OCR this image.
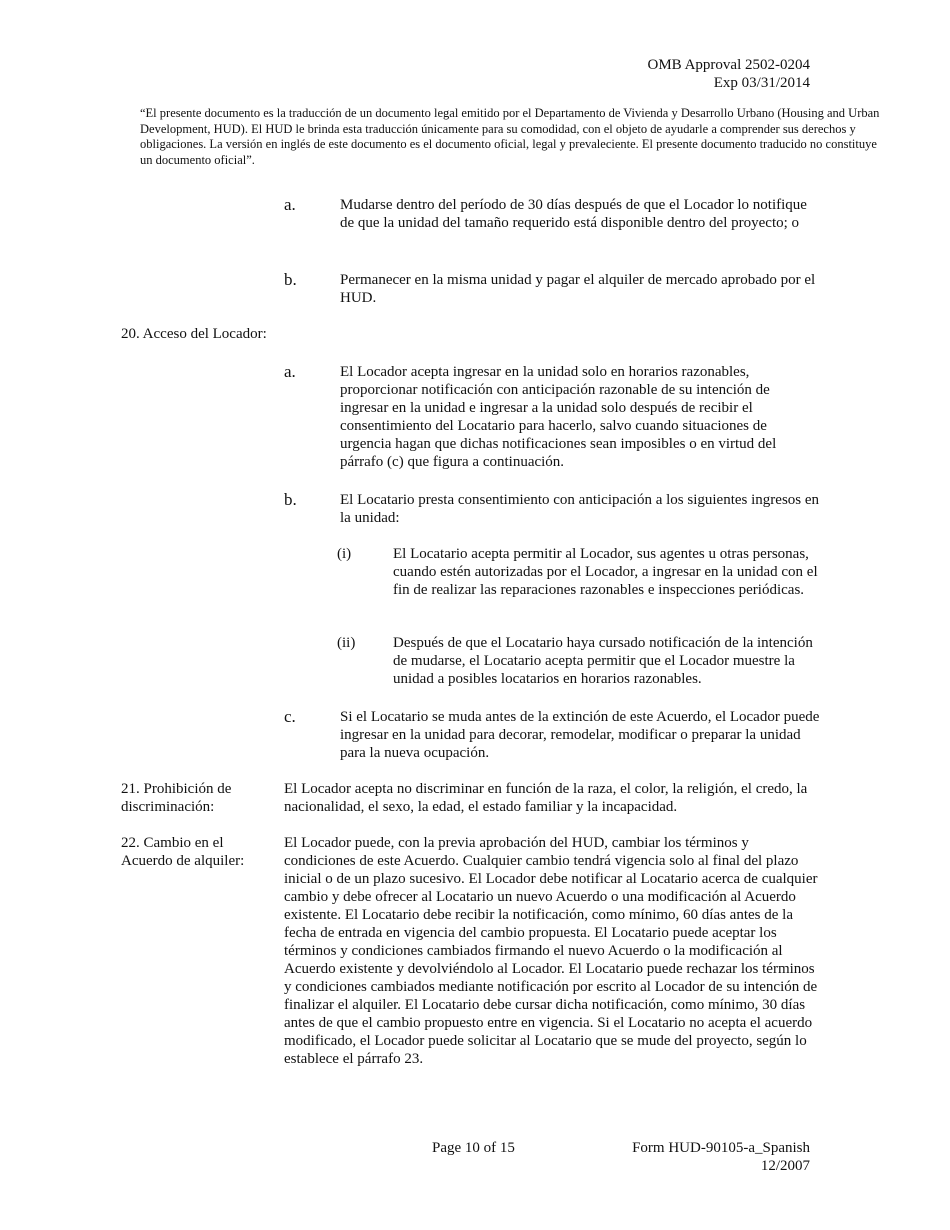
OMB Approval 2502-0204
Exp 03/31/2014
“El presente documento es la traducción de un documento legal emitido por el Departamento de Vivienda y Desarrollo Urbano (Housing and Urban Development, HUD). El HUD le brinda esta traducción únicamente para su comodidad, con el objeto de ayudarle a comprender sus derechos y obligaciones. La versión en inglés de este documento es el documento oficial, legal y prevaleciente. El presente documento traducido no constituye un documento oficial”.
a.	Mudarse dentro del período de 30 días después de que el Locador lo notifique de que la unidad del tamaño requerido está disponible dentro del proyecto; o
b.	Permanecer en la misma unidad y pagar el alquiler de mercado aprobado por el HUD.
20. Acceso del Locador:
a.	El Locador acepta ingresar en la unidad solo en horarios razonables, proporcionar notificación con anticipación razonable de su intención de ingresar en la unidad e ingresar a la unidad solo después de recibir el consentimiento del Locatario para hacerlo, salvo cuando situaciones de urgencia hagan que dichas notificaciones sean imposibles o en virtud del párrafo (c) que figura a continuación.
b.	El Locatario presta consentimiento con anticipación a los siguientes ingresos en la unidad:
(i)	El Locatario acepta permitir al Locador, sus agentes u otras personas, cuando estén autorizadas por el Locador, a ingresar en la unidad con el fin de realizar las reparaciones razonables e inspecciones periódicas.
(ii)	Después de que el Locatario haya cursado notificación de la intención de mudarse, el Locatario acepta permitir que el Locador muestre la unidad a posibles locatarios en horarios razonables.
c.	Si el Locatario se muda antes de la extinción de este Acuerdo, el Locador puede ingresar en la unidad para decorar, remodelar, modificar o preparar la unidad para la nueva ocupación.
21. Prohibición de
discriminación:
El Locador acepta no discriminar en función de la raza, el color, la religión, el credo, la nacionalidad, el sexo, la edad, el estado familiar y la incapacidad.
22. Cambio en el
Acuerdo de alquiler:
El Locador puede, con la previa aprobación del HUD, cambiar los términos y condiciones de este Acuerdo. Cualquier cambio tendrá vigencia solo al final del plazo inicial o de un plazo sucesivo. El Locador debe notificar al Locatario acerca de cualquier cambio y debe ofrecer al Locatario un nuevo Acuerdo o una modificación al Acuerdo existente. El Locatario debe recibir la notificación, como mínimo, 60 días antes de la fecha de entrada en vigencia del cambio propuesta. El Locatario puede aceptar los términos y condiciones cambiados firmando el nuevo Acuerdo o la modificación al Acuerdo existente y devolviéndolo al Locador. El Locatario puede rechazar los términos y condiciones cambiados mediante notificación por escrito al Locador de su intención de finalizar el alquiler. El Locatario debe cursar dicha notificación, como mínimo, 30 días antes de que el cambio propuesto entre en vigencia. Si el Locatario no acepta el acuerdo modificado, el Locador puede solicitar al Locatario que se mude del proyecto, según lo establece el párrafo 23.
Page 10 of 15	Form HUD-90105-a_Spanish
12/2007
